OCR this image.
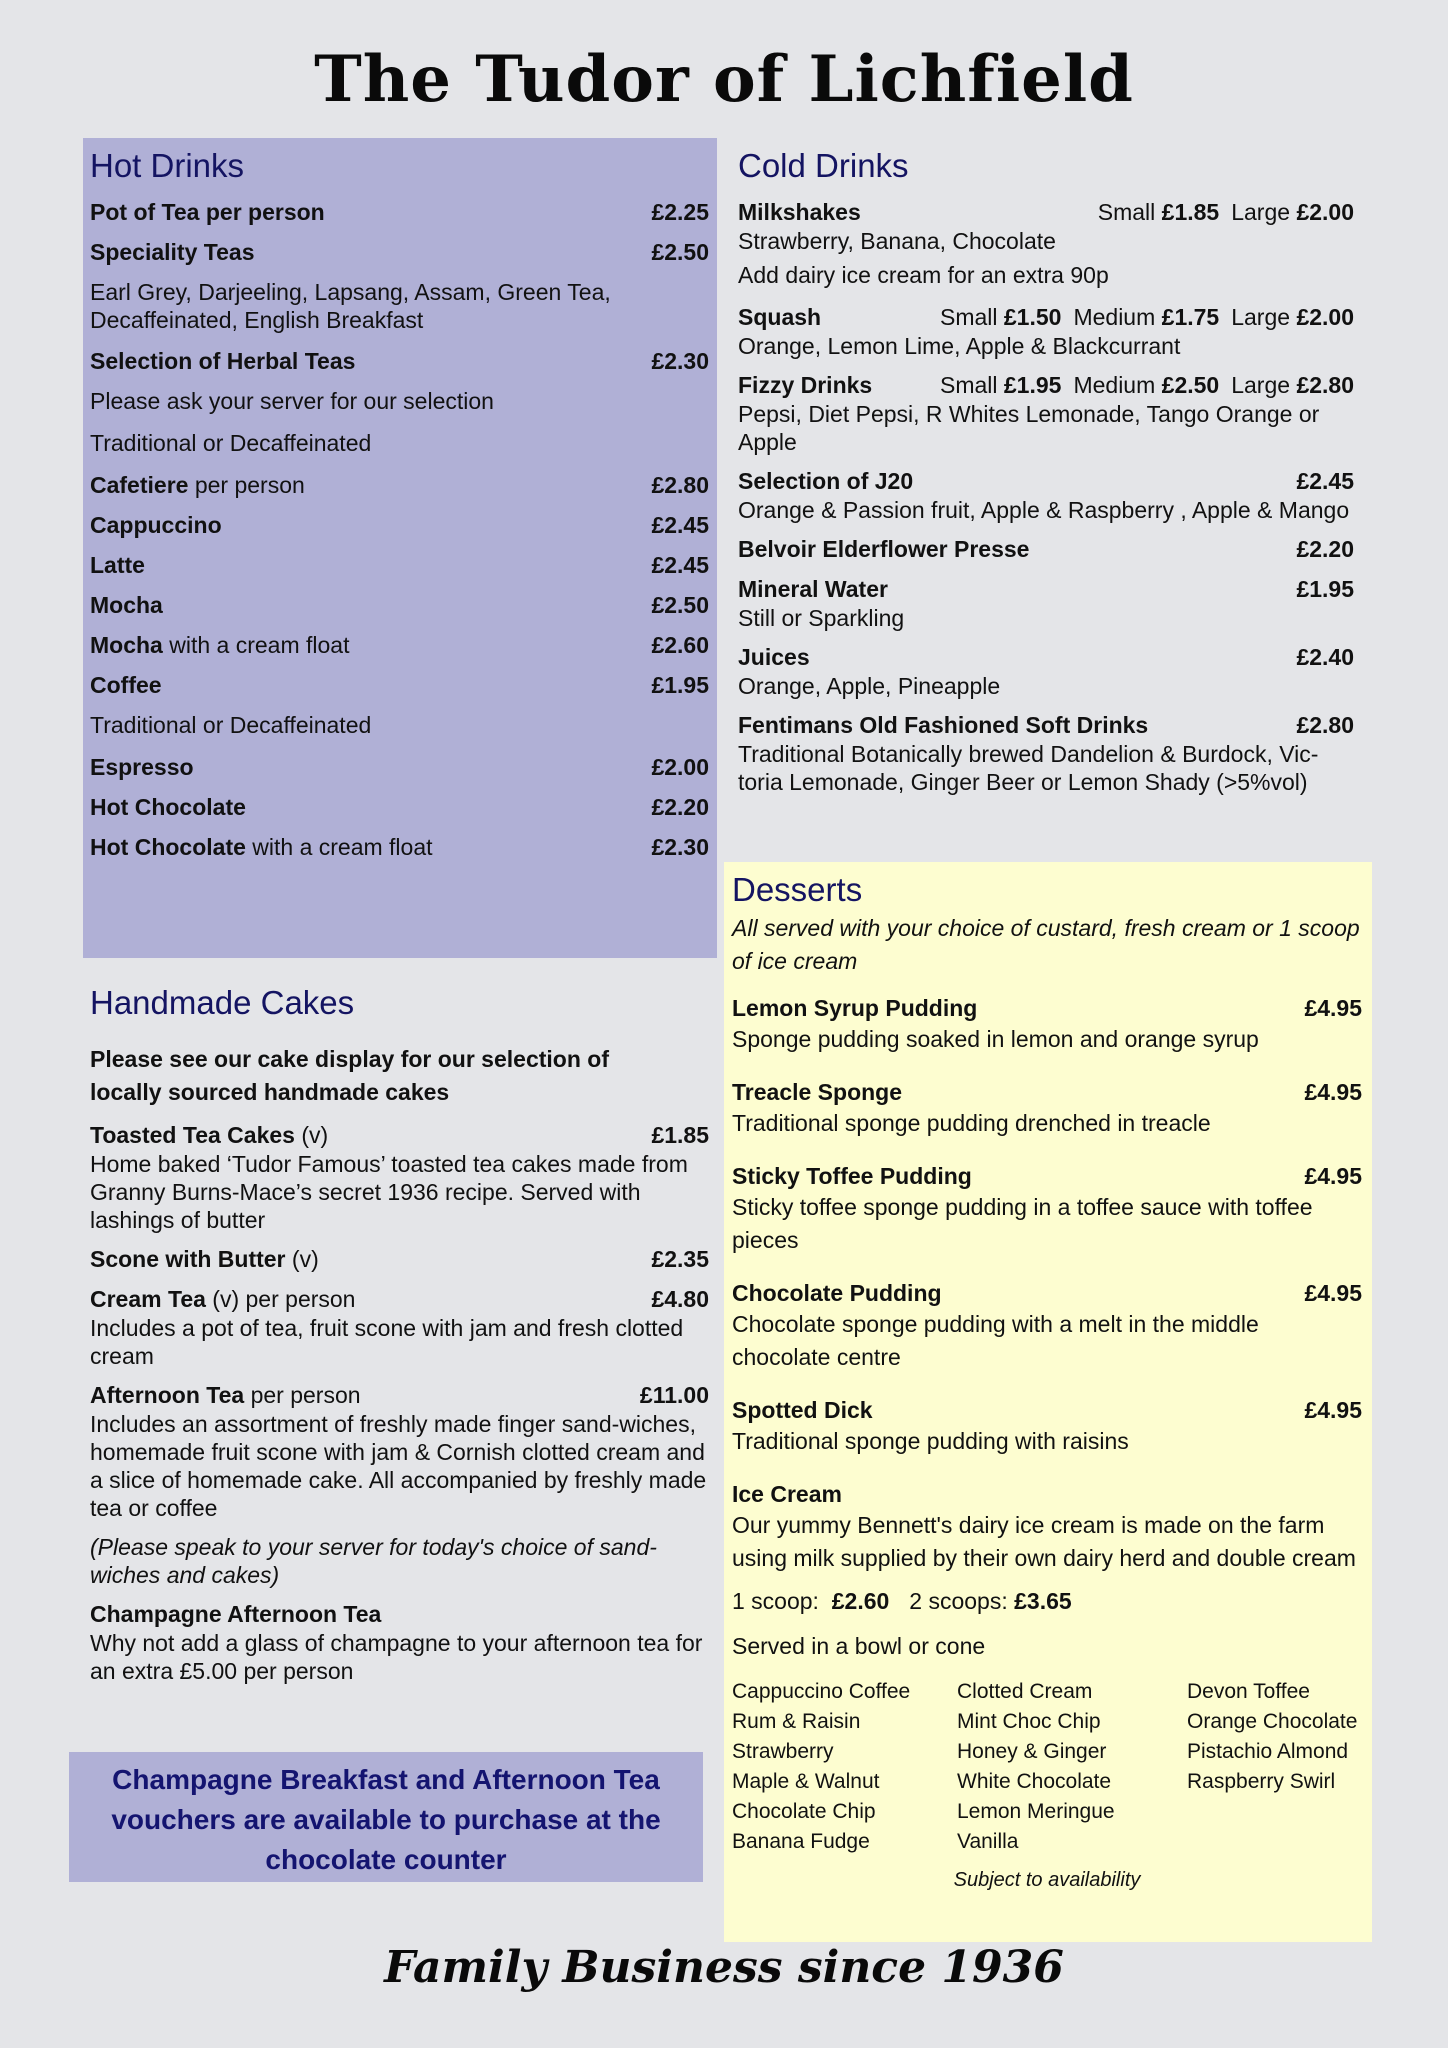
The Tudor of Lichfield
Hot Drinks
Pot of Tea per person	£2.25
Speciality Teas	£2.50
Earl Grey, Darjeeling, Lapsang, Assam, Green Tea, Decaffeinated, English Breakfast
Selection of Herbal Teas	£2.30
Please ask your server for our selection
Traditional or Decaffeinated
Cafetiere per person	£2.80
Cappuccino	£2.45
Latte	£2.45
Mocha	£2.50
Mocha with a cream float	£2.60
Coffee	£1.95
Traditional or Decaffeinated
Espresso	£2.00
Hot Chocolate	£2.20
Hot Chocolate with a cream float	£2.30
Cold Drinks
Milkshakes	Small £1.85 Large £2.00
Strawberry, Banana, Chocolate
Add dairy ice cream for an extra 90p
Squash	Small £1.50 Medium £1.75 Large £2.00
Orange, Lemon Lime, Apple & Blackcurrant
Fizzy Drinks	Small £1.95 Medium £2.50 Large £2.80
Pepsi, Diet Pepsi, R Whites Lemonade, Tango Orange or Apple
Selection of J20	£2.45
Orange & Passion fruit, Apple & Raspberry , Apple & Mango
Belvoir Elderflower Presse	£2.20
Mineral Water	£1.95
Still or Sparkling
Juices	£2.40
Orange, Apple, Pineapple
Fentimans Old Fashioned Soft Drinks	£2.80
Traditional Botanically brewed Dandelion & Burdock, Vic-toria Lemonade, Ginger Beer or Lemon Shady (>5%vol)
Handmade Cakes
Please see our cake display for our selection of locally sourced handmade cakes
Toasted Tea Cakes (v)	£1.85
Home baked ‘Tudor Famous’ toasted tea cakes made from Granny Burns-Mace’s secret 1936 recipe. Served with lashings of butter
Scone with Butter (v)	£2.35
Cream Tea (v) per person	£4.80
Includes a pot of tea, fruit scone with jam and fresh clotted cream
Afternoon Tea per person	£11.00
Includes an assortment of freshly made finger sand-wiches, homemade fruit scone with jam & Cornish clotted cream and a slice of homemade cake. All accompanied by freshly made tea or coffee
(Please speak to your server for today's choice of sand-wiches and cakes)
Champagne Afternoon Tea
Why not add a glass of champagne to your afternoon tea for an extra £5.00 per person
Champagne Breakfast and Afternoon Tea vouchers are available to purchase at the chocolate counter
Desserts
All served with your choice of custard, fresh cream or 1 scoop of ice cream
Lemon Syrup Pudding	£4.95
Sponge pudding soaked in lemon and orange syrup
Treacle Sponge	£4.95
Traditional sponge pudding drenched in treacle
Sticky Toffee Pudding	£4.95
Sticky toffee sponge pudding in a toffee sauce with toffee pieces
Chocolate Pudding	£4.95
Chocolate sponge pudding with a melt in the middle chocolate centre
Spotted Dick	£4.95
Traditional sponge pudding with raisins
Ice Cream
Our yummy Bennett's dairy ice cream is made on the farm using milk supplied by their own dairy herd and double cream
1 scoop:  £2.60 2 scoops: £3.65
Served in a bowl or cone
Cappuccino Coffee	Clotted Cream	Devon Toffee
Rum & Raisin	Mint Choc Chip	Orange Chocolate
Strawberry	Honey & Ginger	Pistachio Almond
Maple & Walnut	White Chocolate	Raspberry Swirl
Chocolate Chip	Lemon Meringue
Banana Fudge	Vanilla
Subject to availability
Family Business since 1936
